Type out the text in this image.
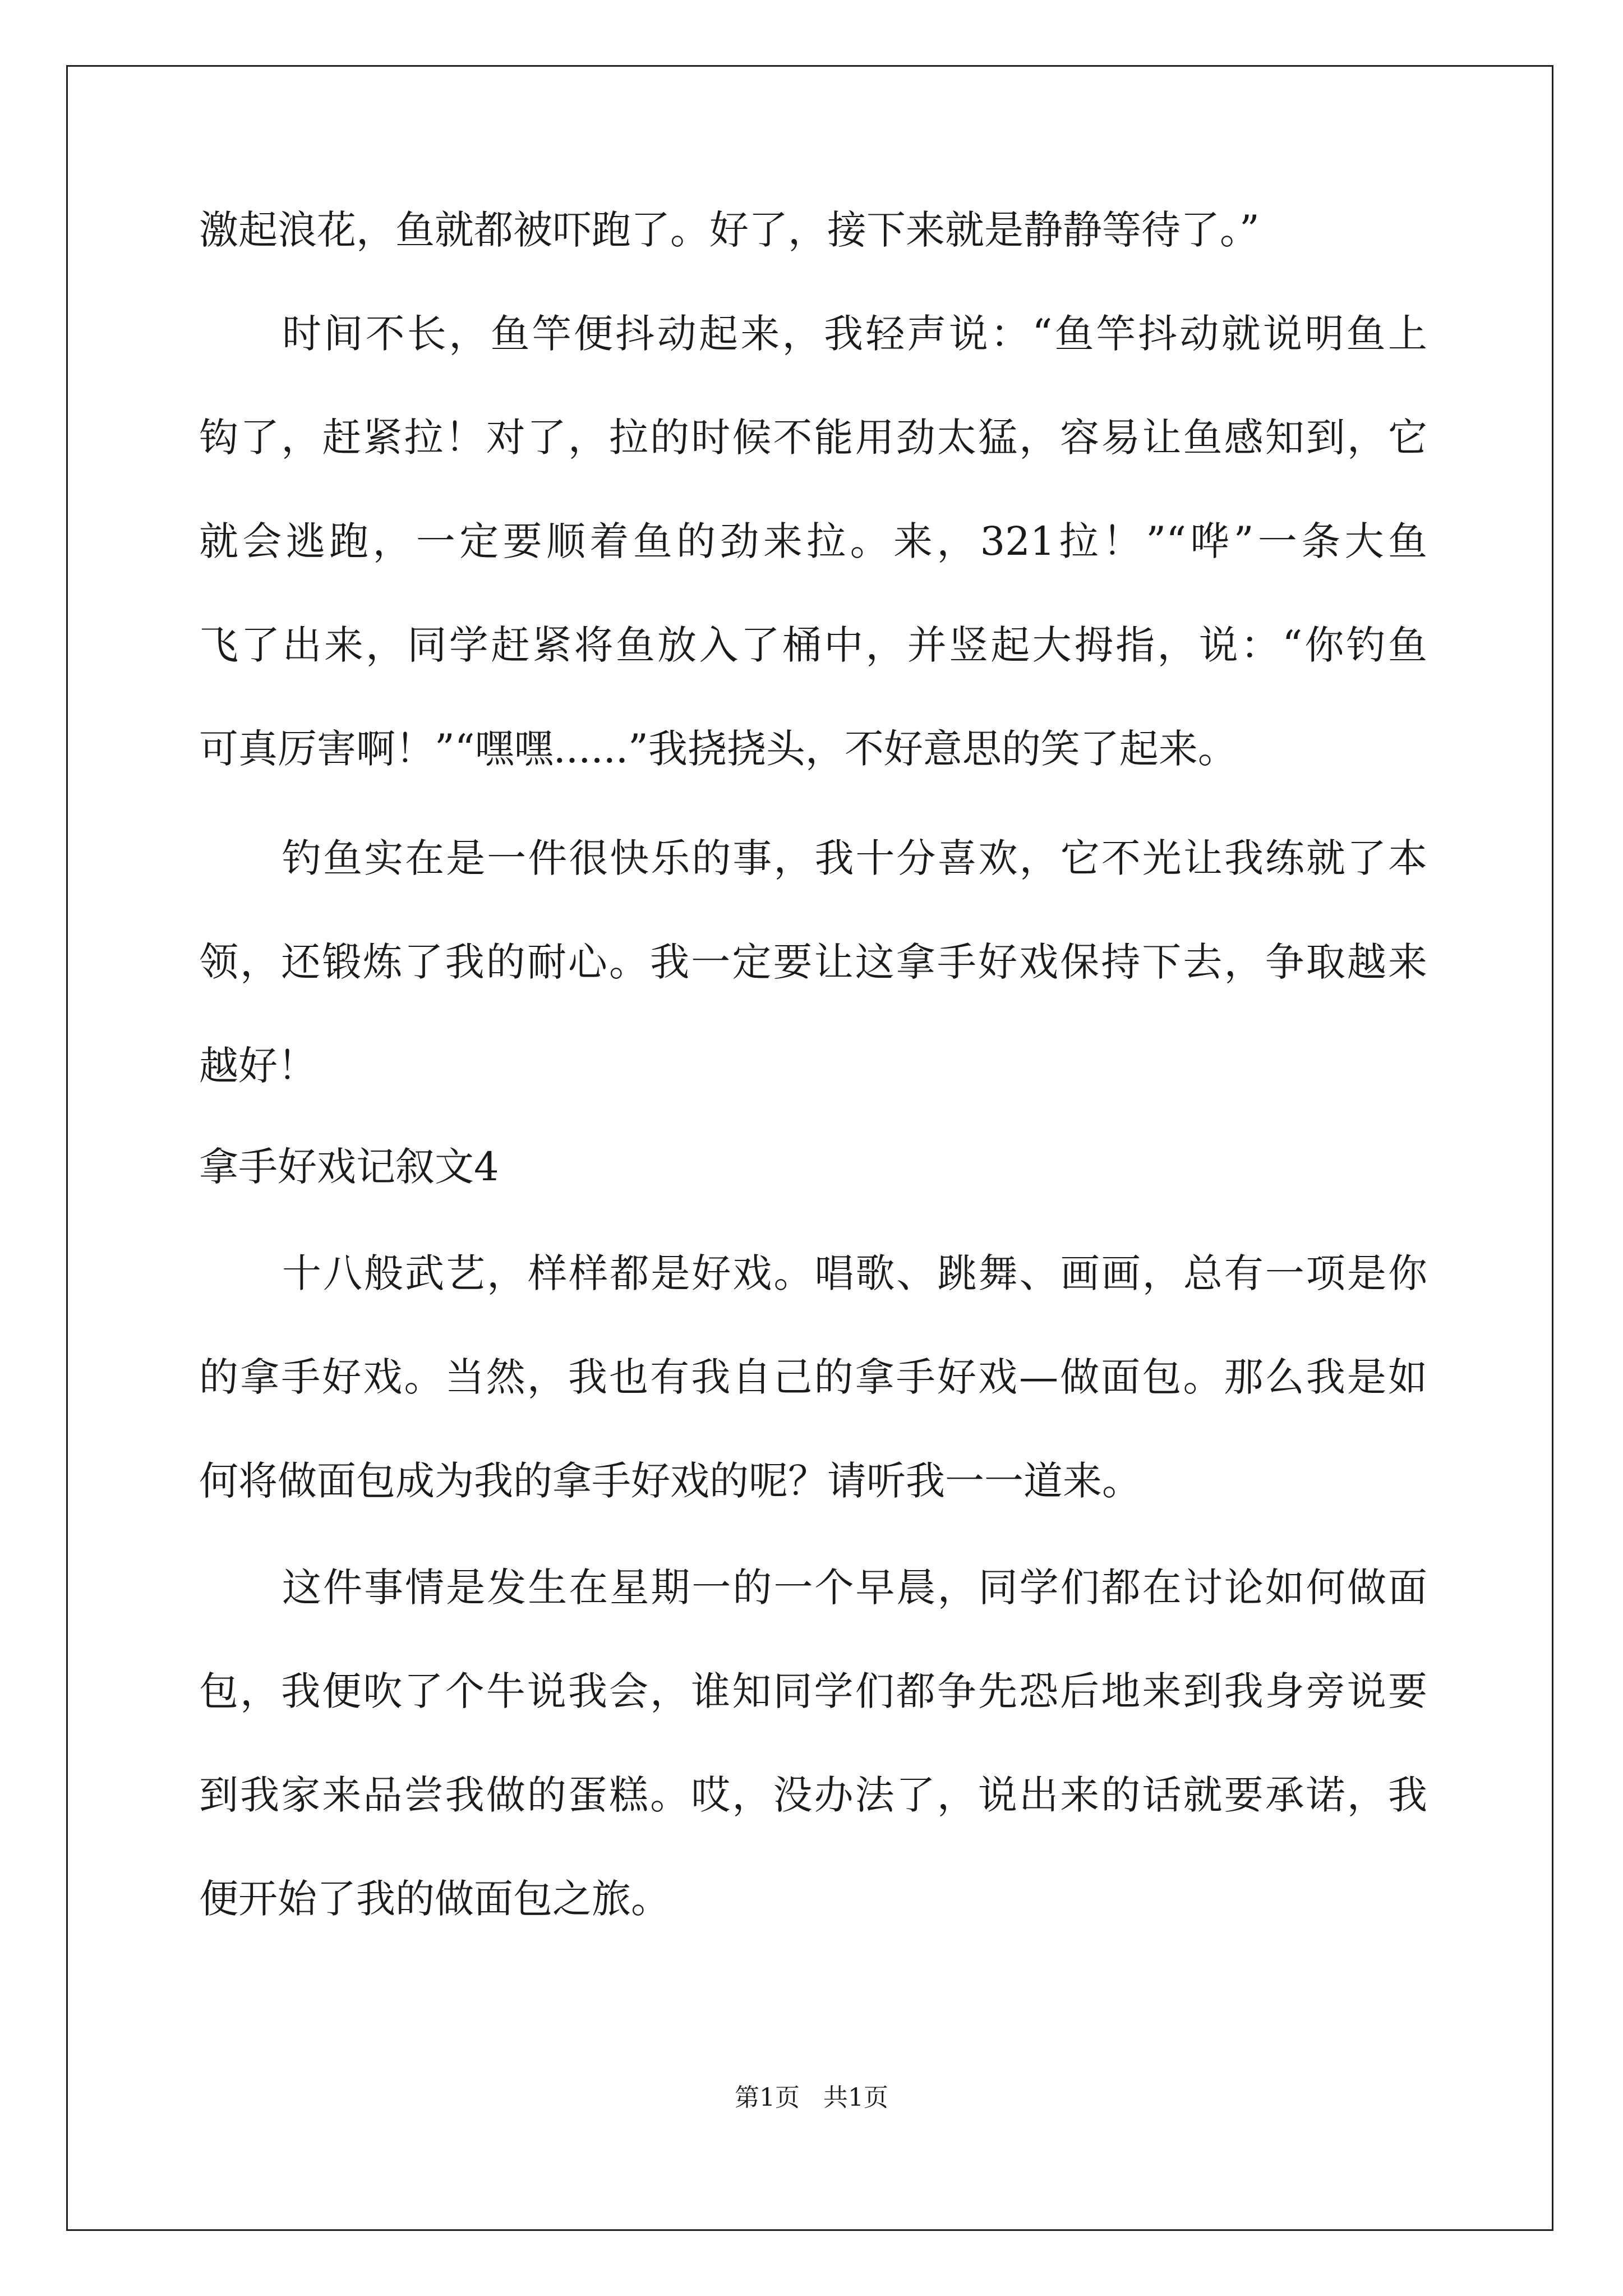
激起浪花，鱼就都被吓跑了。好了，接下来就是静静等待了。”
时间不长，鱼竿便抖动起来，我轻声说：“鱼竿抖动就说明鱼上
钩了，赶紧拉！对了，拉的时候不能用劲太猛，容易让鱼感知到，它
就会逃跑，一定要顺着鱼的劲来拉。来，321拉！”“哗”一条大鱼
飞了出来，同学赶紧将鱼放入了桶中，并竖起大拇指，说：“你钓鱼
可真厉害啊！”“嘿嘿......”我挠挠头，不好意思的笑了起来。
钓鱼实在是一件很快乐的事，我十分喜欢，它不光让我练就了本
领，还锻炼了我的耐心。我一定要让这拿手好戏保持下去，争取越来
越好！
拿手好戏记叙文4
十八般武艺，样样都是好戏。唱歌、跳舞、画画，总有一项是你
的拿手好戏。当然，我也有我自己的拿手好戏—做面包。那么我是如
何将做面包成为我的拿手好戏的呢？请听我一一道来。
这件事情是发生在星期一的一个早晨，同学们都在讨论如何做面
包，我便吹了个牛说我会，谁知同学们都争先恐后地来到我身旁说要
到我家来品尝我做的蛋糕。哎，没办法了，说出来的话就要承诺，我
便开始了我的做面包之旅。
第1页   共1页
